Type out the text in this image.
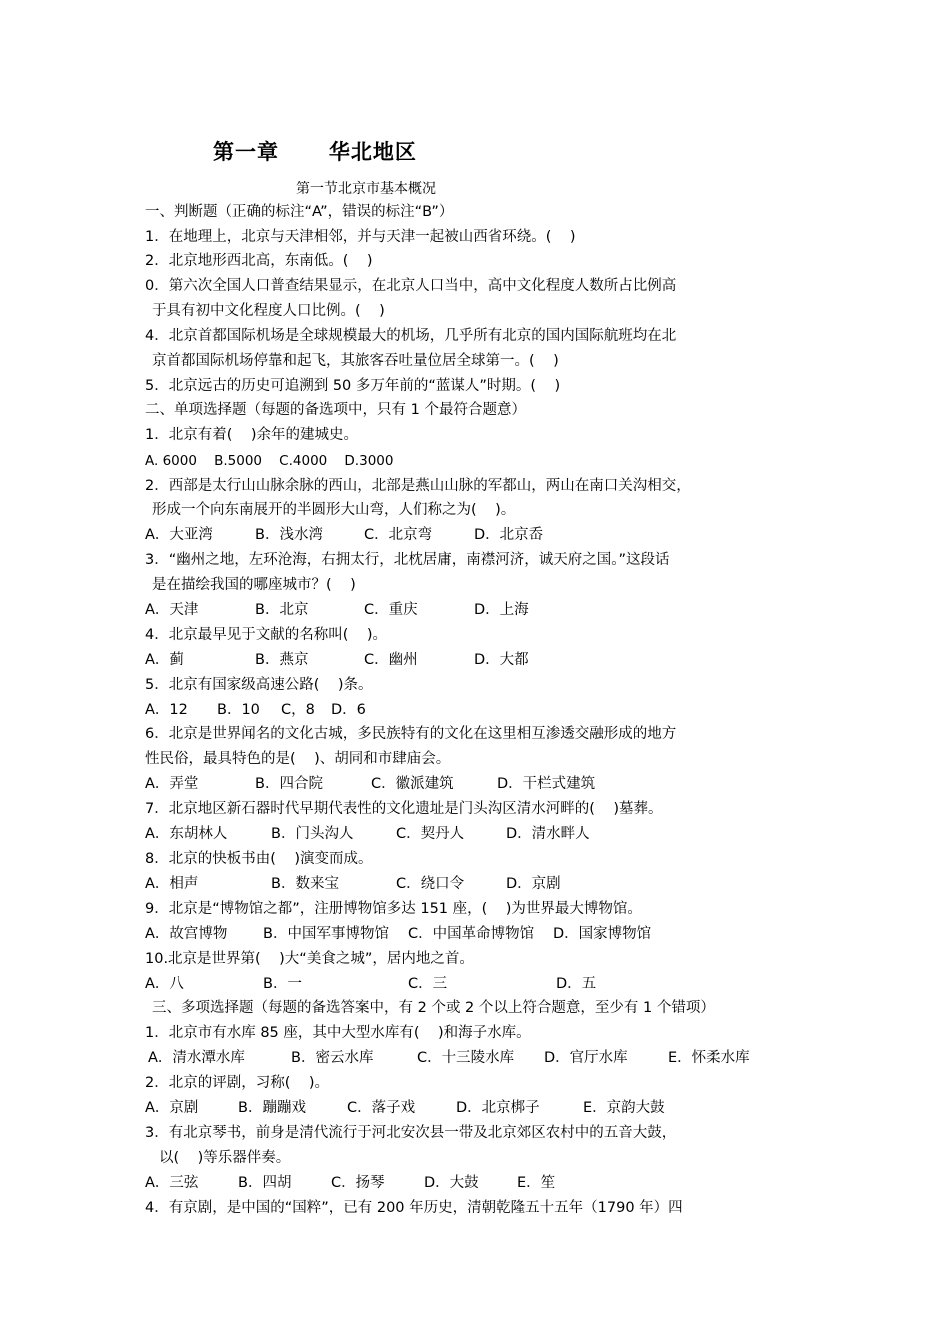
第一章      华北地区
第一节北京市基本概况
一、判断题（正确的标注“A”，错误的标注“B”）
1．在地理上，北京与天津相邻，并与天津一起被山西省环绕。(    )
2．北京地形西北高，东南低。(    )
0．第六次全国人口普查结果显示，在北京人口当中，高中文化程度人数所占比例高
于具有初中文化程度人口比例。(    )
4．北京首都国际机场是全球规模最大的机场，几乎所有北京的国内国际航班均在北
京首都国际机场停靠和起飞，其旅客吞吐量位居全球第一。(    )
5．北京远古的历史可追溯到 50 多万年前的“蓝谋人”时期。(    )
二、单项选择题（每题的备选项中，只有 1 个最符合题意）
1．北京有着(    )余年的建城史。
A. 6000    B.5000    C.4000    D.3000
2．西部是太行山山脉余脉的西山，北部是燕山山脉的军都山，两山在南口关沟相交，
形成一个向东南展开的半圆形大山弯，人们称之为(    )。

A．大亚湾

	B．浅水湾

	C．北京弯

	D．北京岙

3．“幽州之地，左环沧海，右拥太行，北枕居庸，南襟河济，诚天府之国。”这段话
是在描绘我国的哪座城市？(    )

A．天津

	B．北京

	C．重庆

	D．上海

4．北京最早见于文献的名称叫(    )。

A．蓟

	B．燕京

	C．幽州

	D．大都

5．北京有国家级高速公路(    )条。

A．12

B．10

C，8

D．6

6．北京是世界闻名的文化古城，多民族特有的文化在这里相互渗透交融形成的地方
性民俗，最具特色的是(    )、胡同和市肆庙会。

A．弄堂

	B．四合院

	C．徽派建筑

	D．干栏式建筑

7．北京地区新石器时代早期代表性的文化遗址是门头沟区清水河畔的(    )墓葬。

A．东胡林人

	B．门头沟人

	C．契丹人

	D．清水畔人

8．北京的快板书由(    )演变而成。

A．相声

	B．数来宝

	C．绕口令

	D．京剧

9．北京是“博物馆之都”，注册博物馆多达 151 座，(    )为世界最大博物馆。

A．故宫博物

B．中国军事博物馆

C．中国革命博物馆

D．国家博物馆

10.北京是世界第(    )大“美食之城”，居内地之首。

A．八

	B．一

	C．三

	D．五

三、多项选择题（每题的备选答案中，有 2 个或 2 个以上符合题意，至少有 1 个错项）
1．北京市有水库 85 座，其中大型水库有(    )和海子水库。

A．清水潭水库

	B．密云水库

	C．十三陵水库

D．官厅水库

	E．怀柔水库

2．北京的评剧，习称(    )。

A．京剧

	B．蹦蹦戏

	C．落子戏

	D．北京梆子

	E．京韵大鼓

3．有北京琴书，前身是清代流行于河北安次县一带及北京郊区农村中的五音大鼓，
以(    )等乐器伴奏。

A．三弦

	B．四胡

	C．扬琴

	D．大鼓

	E．笙

4．有京剧，是中国的“国粹”，已有 200 年历史，清朝乾隆五十五年（1790 年）四
